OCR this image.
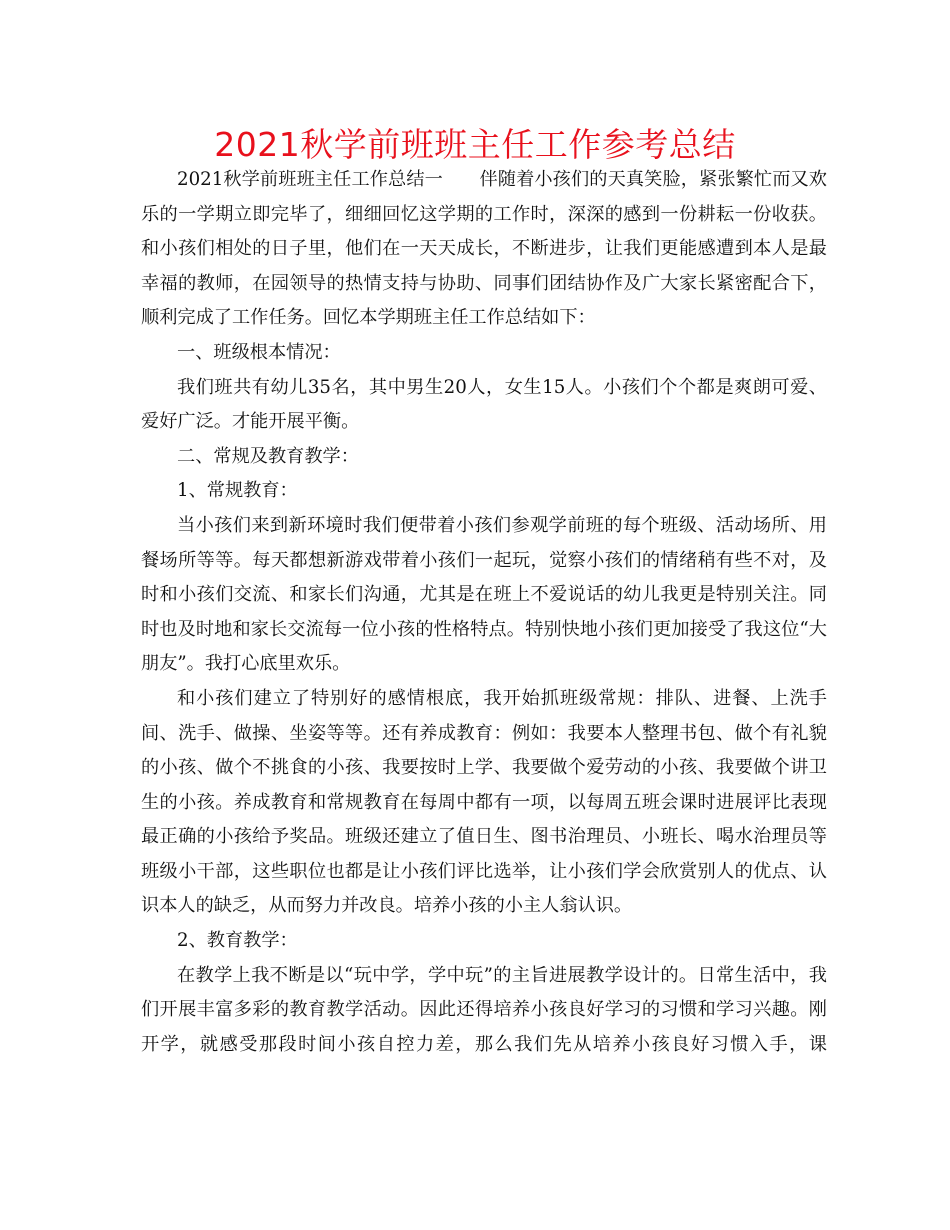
2021秋学前班班主任工作参考总结

2021秋学前班班主任工作总结一　　伴随着小孩们的天真笑脸，紧张繁忙而又欢乐的一学期立即完毕了，细细回忆这学期的工作时，深深的感到一份耕耘一份收获。和小孩们相处的日子里，他们在一天天成长，不断进步，让我们更能感遭到本人是最幸福的教师，在园领导的热情支持与协助、同事们团结协作及广大家长紧密配合下，顺利完成了工作任务。回忆本学期班主任工作总结如下：

一、班级根本情况：

我们班共有幼儿35名，其中男生20人，女生15人。小孩们个个都是爽朗可爱、爱好广泛。才能开展平衡。

二、常规及教育教学：

1、常规教育：

当小孩们来到新环境时我们便带着小孩们参观学前班的每个班级、活动场所、用餐场所等等。每天都想新游戏带着小孩们一起玩，觉察小孩们的情绪稍有些不对，及时和小孩们交流、和家长们沟通，尤其是在班上不爱说话的幼儿我更是特别关注。同时也及时地和家长交流每一位小孩的性格特点。特别快地小孩们更加接受了我这位“大朋友”。我打心底里欢乐。

和小孩们建立了特别好的感情根底，我开始抓班级常规：排队、进餐、上洗手间、洗手、做操、坐姿等等。还有养成教育：例如：我要本人整理书包、做个有礼貌的小孩、做个不挑食的小孩、我要按时上学、我要做个爱劳动的小孩、我要做个讲卫生的小孩。养成教育和常规教育在每周中都有一项，以每周五班会课时进展评比表现最正确的小孩给予奖品。班级还建立了值日生、图书治理员、小班长、喝水治理员等班级小干部，这些职位也都是让小孩们评比选举，让小孩们学会欣赏别人的优点、认识本人的缺乏，从而努力并改良。培养小孩的小主人翁认识。

2、教育教学：

在教学上我不断是以“玩中学，学中玩”的主旨进展教学设计的。日常生活中，我们开展丰富多彩的教育教学活动。因此还得培养小孩良好学习的习惯和学习兴趣。刚开学，就感受那段时间小孩自控力差，那么我们先从培养小孩良好习惯入手，课
